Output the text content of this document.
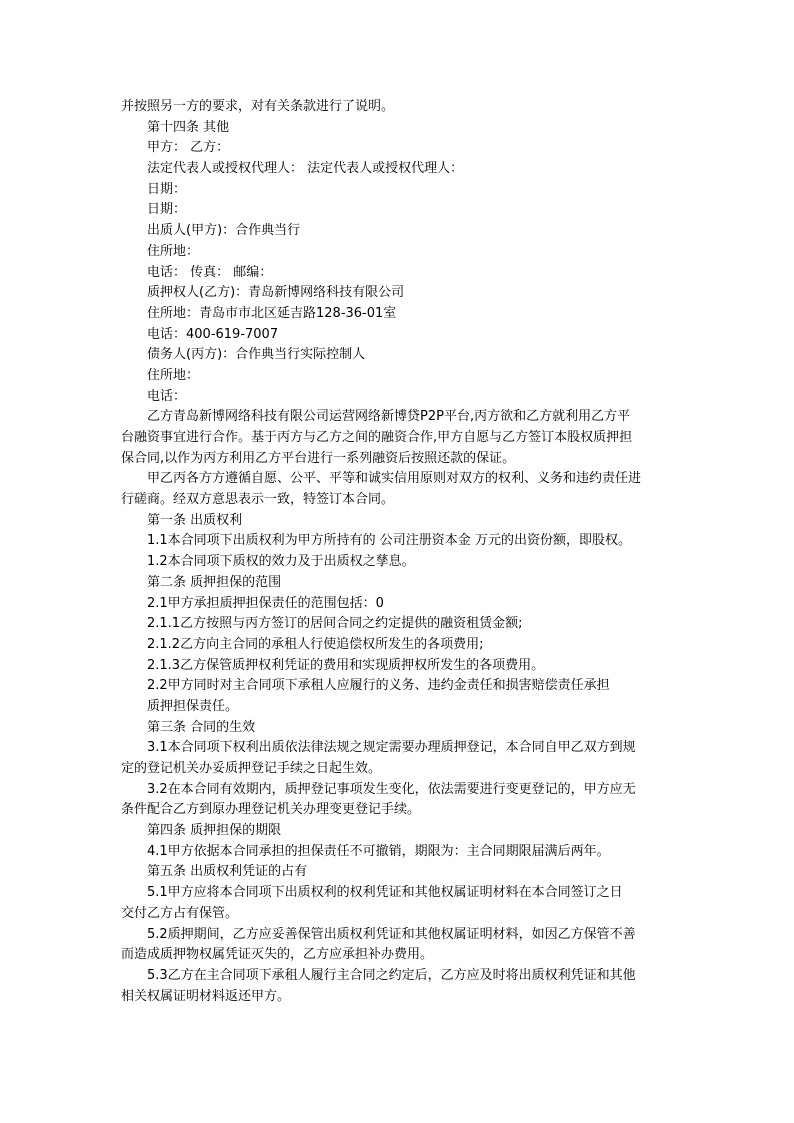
并按照另一方的要求，对有关条款进行了说明。
第十四条 其他
甲方： 乙方：
法定代表人或授权代理人： 法定代表人或授权代理人：
日期：
日期：
出质人(甲方)：合作典当行
住所地：
电话： 传真： 邮编：
质押权人(乙方)：青岛新博网络科技有限公司
住所地：青岛市市北区延吉路128-36-01室
电话：400-619-7007
债务人(丙方)：合作典当行实际控制人
住所地：
电话：
乙方青岛新博网络科技有限公司运营网络新博贷P2P平台,丙方欲和乙方就利用乙方平
台融资事宜进行合作。基于丙方与乙方之间的融资合作,甲方自愿与乙方签订本股权质押担
保合同,以作为丙方利用乙方平台进行一系列融资后按照还款的保证。
甲乙丙各方方遵循自愿、公平、平等和诚实信用原则对双方的权利、义务和违约责任进
行磋商。经双方意思表示一致，特签订本合同。
第一条 出质权利
1.1本合同项下出质权利为甲方所持有的 公司注册资本金 万元的出资份额，即股权。
1.2本合同项下质权的效力及于出质权之孳息。
第二条 质押担保的范围
2.1甲方承担质押担保责任的范围包括：0
2.1.1乙方按照与丙方签订的居间合同之约定提供的融资租赁金额;
2.1.2乙方向主合同的承租人行使追偿权所发生的各项费用;
2.1.3乙方保管质押权利凭证的费用和实现质押权所发生的各项费用。
2.2甲方同时对主合同项下承租人应履行的义务、违约金责任和损害赔偿责任承担
质押担保责任。
第三条 合同的生效
3.1本合同项下权利出质依法律法规之规定需要办理质押登记，本合同自甲乙双方到规
定的登记机关办妥质押登记手续之日起生效。
3.2在本合同有效期内，质押登记事项发生变化，依法需要进行变更登记的，甲方应无
条件配合乙方到原办理登记机关办理变更登记手续。
第四条 质押担保的期限
4.1甲方依据本合同承担的担保责任不可撤销，期限为：主合同期限届满后两年。
第五条 出质权利凭证的占有
5.1甲方应将本合同项下出质权利的权利凭证和其他权属证明材料在本合同签订之日
交付乙方占有保管。
5.2质押期间，乙方应妥善保管出质权利凭证和其他权属证明材料，如因乙方保管不善
而造成质押物权属凭证灭失的，乙方应承担补办费用。
5.3乙方在主合同项下承租人履行主合同之约定后，乙方应及时将出质权利凭证和其他
相关权属证明材料返还甲方。
